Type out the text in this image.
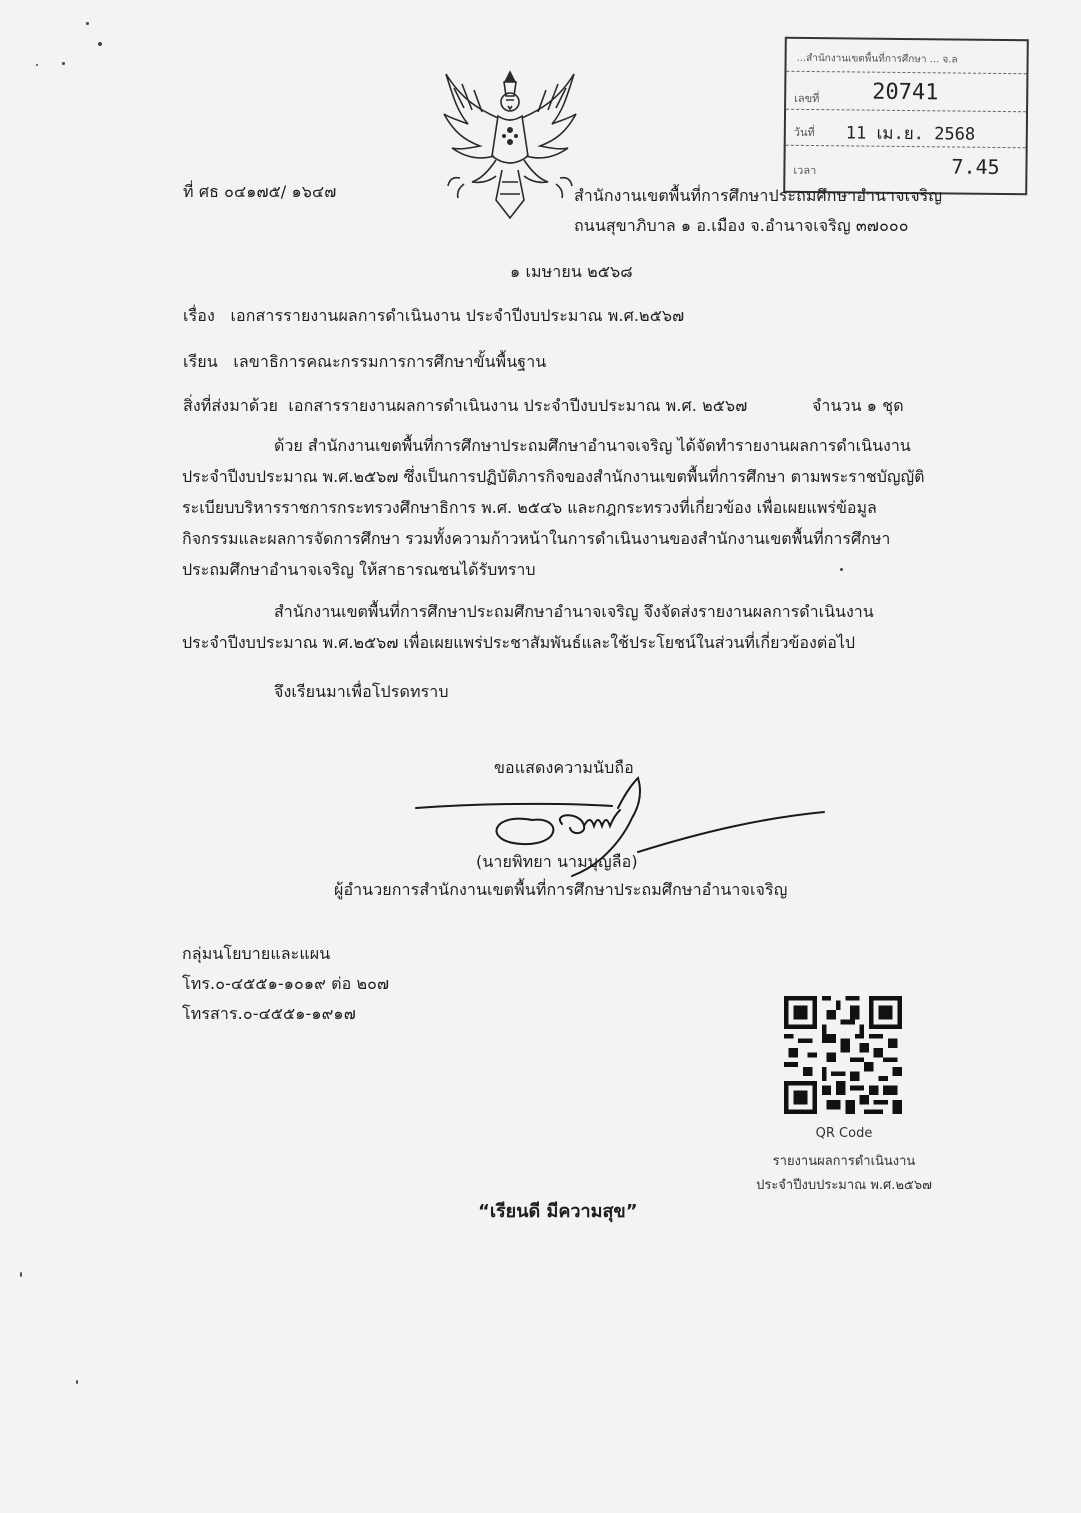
...สำนักงานเขตพื้นที่การศึกษา ... จ.ล
เลขที่ 20741
วันที่ 11 เม.ย. 2568
เวลา	7.45
ที่ ศธ ๐๔๑๗๕/ ๑๖๔๗	สำนักงานเขตพื้นที่การศึกษาประถมศึกษาอำนาจเจริญ
ถนนสุขาภิบาล ๑ อ.เมือง จ.อำนาจเจริญ ๓๗๐๐๐
๑ เมษายน ๒๕๖๘
เรื่อง เอกสารรายงานผลการดำเนินงาน ประจำปีงบประมาณ พ.ศ.๒๕๖๗
เรียน เลขาธิการคณะกรรมการการศึกษาขั้นพื้นฐาน
สิ่งที่ส่งมาด้วย เอกสารรายงานผลการดำเนินงาน ประจำปีงบประมาณ พ.ศ. ๒๕๖๗	จำนวน ๑ ชุด
ด้วย สำนักงานเขตพื้นที่การศึกษาประถมศึกษาอำนาจเจริญ ได้จัดทำรายงานผลการดำเนินงาน
ประจำปีงบประมาณ พ.ศ.๒๕๖๗ ซึ่งเป็นการปฏิบัติภารกิจของสำนักงานเขตพื้นที่การศึกษา ตามพระราชบัญญัติ
ระเบียบบริหารราชการกระทรวงศึกษาธิการ พ.ศ. ๒๕๔๖ และกฎกระทรวงที่เกี่ยวข้อง เพื่อเผยแพร่ข้อมูล
กิจกรรมและผลการจัดการศึกษา รวมทั้งความก้าวหน้าในการดำเนินงานของสำนักงานเขตพื้นที่การศึกษา
ประถมศึกษาอำนาจเจริญ ให้สาธารณชนได้รับทราบ
สำนักงานเขตพื้นที่การศึกษาประถมศึกษาอำนาจเจริญ จึงจัดส่งรายงานผลการดำเนินงาน
ประจำปีงบประมาณ พ.ศ.๒๕๖๗ เพื่อเผยแพร่ประชาสัมพันธ์และใช้ประโยชน์ในส่วนที่เกี่ยวข้องต่อไป
จึงเรียนมาเพื่อโปรดทราบ
ขอแสดงความนับถือ
(นายพิทยา นามบุญลือ)
ผู้อำนวยการสำนักงานเขตพื้นที่การศึกษาประถมศึกษาอำนาจเจริญ
กลุ่มนโยบายและแผน
โทร.๐-๔๕๕๑-๑๐๑๙ ต่อ ๒๐๗
โทรสาร.๐-๔๕๕๑-๑๙๑๗
QR Code
รายงานผลการดำเนินงาน
ประจำปีงบประมาณ พ.ศ.๒๕๖๗
“เรียนดี มีความสุข”
